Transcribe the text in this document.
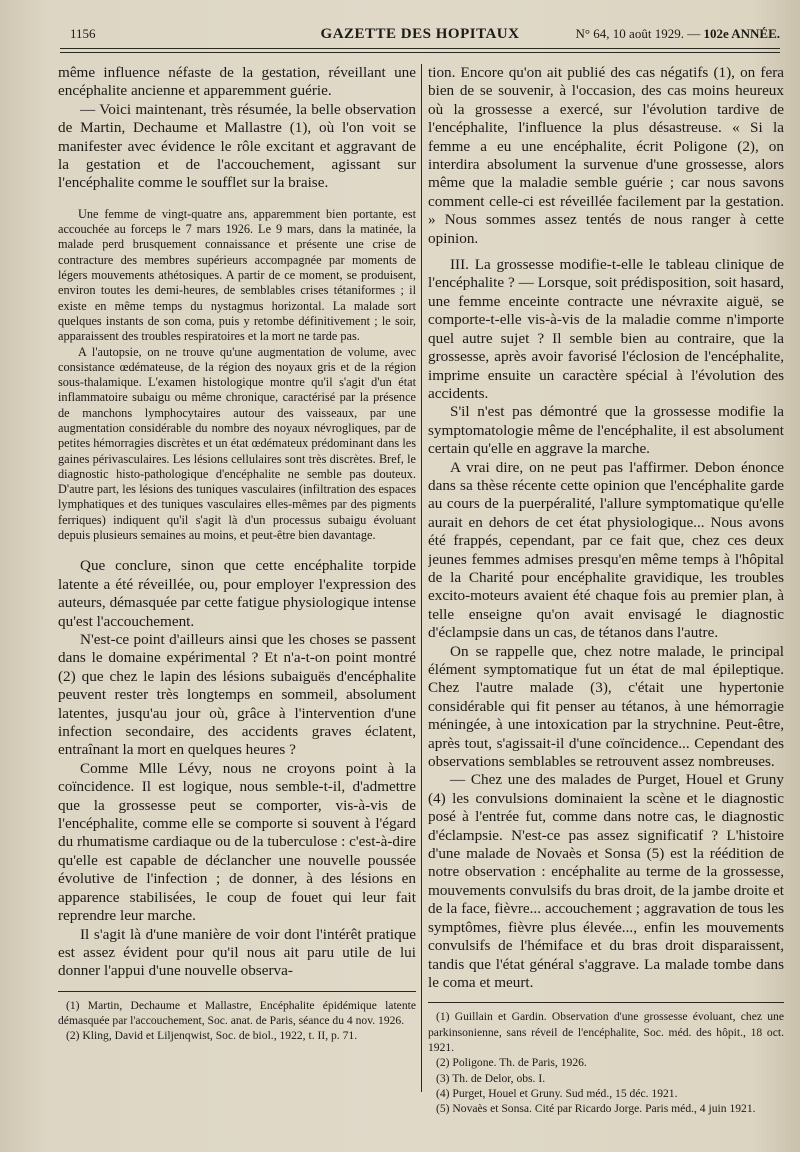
1156	GAZETTE DES HOPITAUX	N° 64, 10 août 1929. — 102e ANNÉE.

même influence néfaste de la gestation, réveillant une encéphalite ancienne et apparemment guérie.

— Voici maintenant, très résumée, la belle observation de Martin, Dechaume et Mallastre (1), où l'on voit se manifester avec évidence le rôle excitant et aggravant de la gestation et de l'accouchement, agissant sur l'encéphalite comme le soufflet sur la braise.

Une femme de vingt-quatre ans, apparemment bien portante, est accouchée au forceps le 7 mars 1926. Le 9 mars, dans la matinée, la malade perd brusquement connaissance et présente une crise de contracture des membres supérieurs accompagnée par moments de légers mouvements athétosiques. A partir de ce moment, se produisent, environ toutes les demi-heures, de semblables crises tétaniformes ; il existe en même temps du nystagmus horizontal. La malade sort quelques instants de son coma, puis y retombe définitivement ; le soir, apparaissent des troubles respiratoires et la mort ne tarde pas.

A l'autopsie, on ne trouve qu'une augmentation de volume, avec consistance œdémateuse, de la région des noyaux gris et de la région sous-thalamique. L'examen histologique montre qu'il s'agit d'un état inflammatoire subaigu ou même chronique, caractérisé par la présence de manchons lymphocytaires autour des vaisseaux, par une augmentation considérable du nombre des noyaux névrogliques, par de petites hémorragies discrètes et un état œdémateux prédominant dans les gaines périvasculaires. Les lésions cellulaires sont très discrètes. Bref, le diagnostic histo-pathologique d'encéphalite ne semble pas douteux. D'autre part, les lésions des tuniques vasculaires (infiltration des espaces lymphatiques et des tuniques vasculaires elles-mêmes par des pigments ferriques) indiquent qu'il s'agit là d'un processus subaigu évoluant depuis plusieurs semaines au moins, et peut-être bien davantage.

Que conclure, sinon que cette encéphalite torpide latente a été réveillée, ou, pour employer l'expression des auteurs, démasquée par cette fatigue physiologique intense qu'est l'accouchement.

N'est-ce point d'ailleurs ainsi que les choses se passent dans le domaine expérimental ? Et n'a-t-on point montré (2) que chez le lapin des lésions subaiguës d'encéphalite peuvent rester très longtemps en sommeil, absolument latentes, jusqu'au jour où, grâce à l'intervention d'une infection secondaire, des accidents graves éclatent, entraînant la mort en quelques heures ?

Comme Mlle Lévy, nous ne croyons point à la coïncidence. Il est logique, nous semble-t-il, d'admettre que la grossesse peut se comporter, vis-à-vis de l'encéphalite, comme elle se comporte si souvent à l'égard du rhumatisme cardiaque ou de la tuberculose : c'est-à-dire qu'elle est capable de déclancher une nouvelle poussée évolutive de l'infection ; de donner, à des lésions en apparence stabilisées, le coup de fouet qui leur fait reprendre leur marche.

Il s'agit là d'une manière de voir dont l'intérêt pratique est assez évident pour qu'il nous ait paru utile de lui donner l'appui d'une nouvelle observa-

(1) Martin, Dechaume et Mallastre, Encéphalite épidémique latente démasquée par l'accouchement, Soc. anat. de Paris, séance du 4 nov. 1926.

(2) Kling, David et Liljenqwist, Soc. de biol., 1922, t. II, p. 71.

tion. Encore qu'on ait publié des cas négatifs (1), on fera bien de se souvenir, à l'occasion, des cas moins heureux où la grossesse a exercé, sur l'évolution tardive de l'encéphalite, l'influence la plus désastreuse. « Si la femme a eu une encéphalite, écrit Poligone (2), on interdira absolument la survenue d'une grossesse, alors même que la maladie semble guérie ; car nous savons comment celle-ci est réveillée facilement par la gestation. » Nous sommes assez tentés de nous ranger à cette opinion.

III. La grossesse modifie-t-elle le tableau clinique de l'encéphalite ? — Lorsque, soit prédisposition, soit hasard, une femme enceinte contracte une névraxite aiguë, se comporte-t-elle vis-à-vis de la maladie comme n'importe quel autre sujet ? Il semble bien au contraire, que la grossesse, après avoir favorisé l'éclosion de l'encéphalite, imprime ensuite un caractère spécial à l'évolution des accidents.

S'il n'est pas démontré que la grossesse modifie la symptomatologie même de l'encéphalite, il est absolument certain qu'elle en aggrave la marche.

A vrai dire, on ne peut pas l'affirmer. Debon énonce dans sa thèse récente cette opinion que l'encéphalite garde au cours de la puerpéralité, l'allure symptomatique qu'elle aurait en dehors de cet état physiologique... Nous avons été frappés, cependant, par ce fait que, chez ces deux jeunes femmes admises presqu'en même temps à l'hôpital de la Charité pour encéphalite gravidique, les troubles excito-moteurs avaient été chaque fois au premier plan, à telle enseigne qu'on avait envisagé le diagnostic d'éclampsie dans un cas, de tétanos dans l'autre.

On se rappelle que, chez notre malade, le principal élément symptomatique fut un état de mal épileptique. Chez l'autre malade (3), c'était une hypertonie considérable qui fit penser au tétanos, à une hémorragie méningée, à une intoxication par la strychnine. Peut-être, après tout, s'agissait-il d'une coïncidence... Cependant des observations semblables se retrouvent assez nombreuses.

— Chez une des malades de Purget, Houel et Gruny (4) les convulsions dominaient la scène et le diagnostic posé à l'entrée fut, comme dans notre cas, le diagnostic d'éclampsie. N'est-ce pas assez significatif ? L'histoire d'une malade de Novaès et Sonsa (5) est la réédition de notre observation : encéphalite au terme de la grossesse, mouvements convulsifs du bras droit, de la jambe droite et de la face, fièvre... accouchement ; aggravation de tous les symptômes, fièvre plus élevée..., enfin les mouvements convulsifs de l'hémiface et du bras droit disparaissent, tandis que l'état général s'aggrave. La malade tombe dans le coma et meurt.

(1) Guillain et Gardin. Observation d'une grossesse évoluant, chez une parkinsonienne, sans réveil de l'encéphalite, Soc. méd. des hôpit., 18 oct. 1921.

(2) Poligone. Th. de Paris, 1926.

(3) Th. de Delor, obs. I.

(4) Purget, Houel et Gruny. Sud méd., 15 déc. 1921.

(5) Novaès et Sonsa. Cité par Ricardo Jorge. Paris méd., 4 juin 1921.
